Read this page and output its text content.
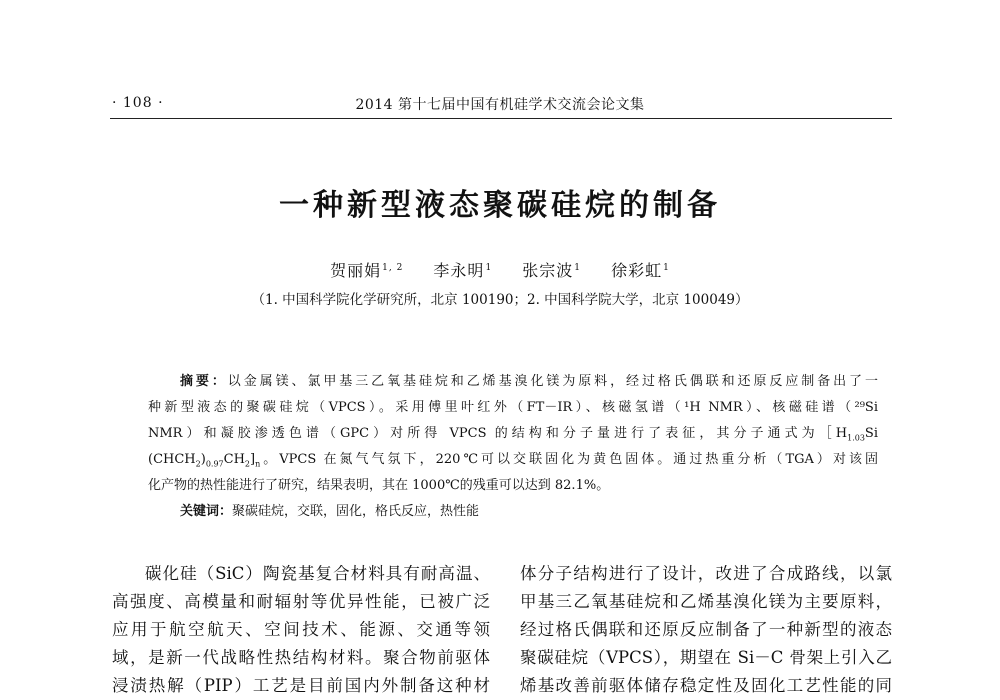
· 108 ·	2014 第十七届中国有机硅学术交流会论文集
一种新型液态聚碳硅烷的制备
贺丽娟$^{1, 2}$ 李永明$^1$ 张宗波$^1$ 徐彩虹$^1$
（1. 中国科学院化学研究所，北京 100190；2. 中国科学院大学，北京 100049）
摘要：以金属镁、氯甲基三乙氧基硅烷和乙烯基溴化镁为原料，经过格氏偶联和还原反应制备出了一
种新型液态的聚碳硅烷（VPCS）。采用傅里叶红外（FT－IR）、核磁氢谱（¹H NMR）、核磁硅谱（²⁹Si
NMR）和凝胶渗透色谱（GPC）对所得 VPCS 的结构和分子量进行了表征，其分子通式为$[H_{1.03}Si$
$(CHCH_2)_{0.97}CH_2]_n$。VPCS 在氮气气氛下，220℃可以交联固化为黄色固体。通过热重分析（TGA）对该固
化产物的热性能进行了研究，结果表明，其在 1000℃的残重可以达到 82.1%。
关键词：聚碳硅烷，交联，固化，格氏反应，热性能
碳化硅（SiC）陶瓷基复合材料具有耐高温、
高强度、高模量和耐辐射等优异性能，已被广泛
应用于航空航天、空间技术、能源、交通等领
域，是新一代战略性热结构材料。聚合物前驱体
浸渍热解（PIP）工艺是目前国内外制备这种材
体分子结构进行了设计，改进了合成路线，以氯
甲基三乙氧基硅烷和乙烯基溴化镁为主要原料，
经过格氏偶联和还原反应制备了一种新型的液态
聚碳硅烷（VPCS），期望在 Si－C 骨架上引入乙
烯基改善前驱体储存稳定性及固化工艺性能的同
